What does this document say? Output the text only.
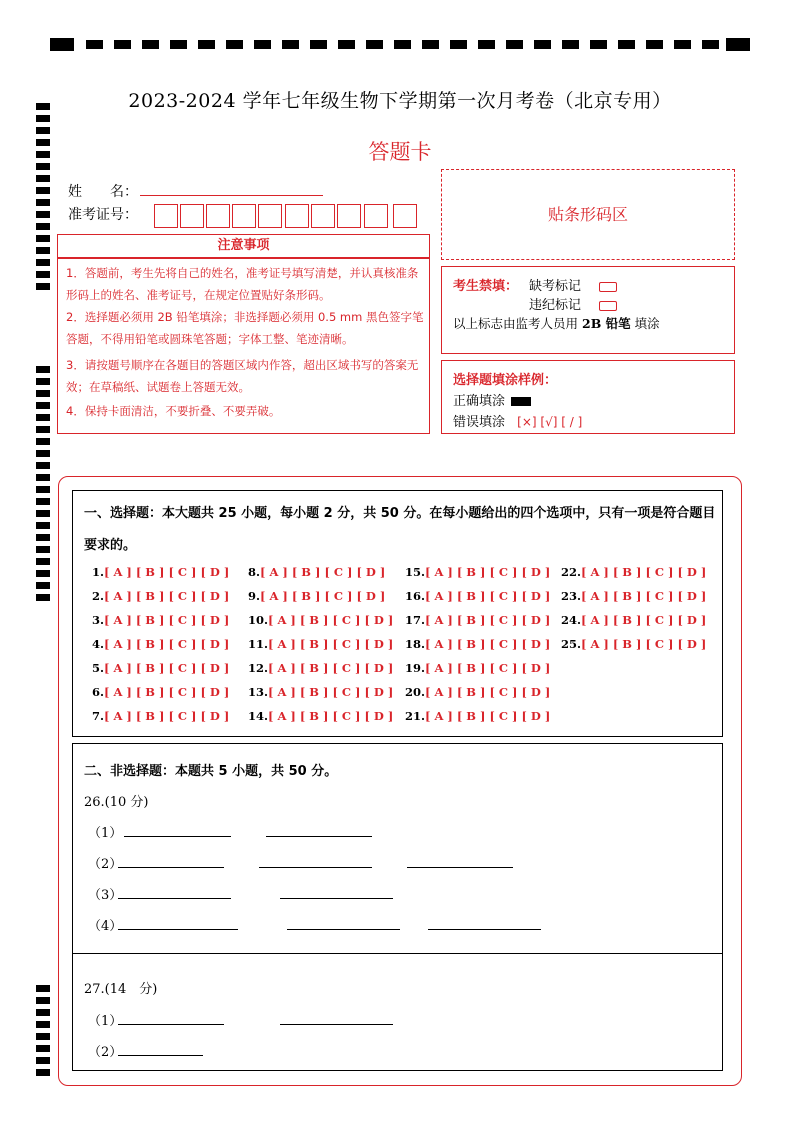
2023-2024 学年七年级生物下学期第一次月考卷（北京专用）
答题卡
姓　　名：
准考证号：	贴条形码区
注意事项
1．答题前，考生先将自己的姓名，准考证号填写清楚，并认真核准条形码上的姓名、准考证号，在规定位置贴好条形码。
2．选择题必须用 2B 铅笔填涂；非选择题必须用 0.5 mm 黑色签字笔答题，不得用铅笔或圆珠笔答题；字体工整、笔迹清晰。
3．请按题号顺序在各题目的答题区域内作答，超出区域书写的答案无效；在草稿纸、试题卷上答题无效。
4．保持卡面清洁，不要折叠、不要弄破。
考生禁填： 缺考标记
违纪标记
以上标志由监考人员用 2B 铅笔 填涂
选择题填涂样例：
正确填涂
错误填涂 [×] [√] [ / ]
一、选择题：本大题共 25 小题，每小题 2 分，共 50 分。在每小题给出的四个选项中，只有一项是符合题目要求的。
1.[ A ] [ B ] [ C ] [ D ]
2.[ A ] [ B ] [ C ] [ D ]
3.[ A ] [ B ] [ C ] [ D ]
4.[ A ] [ B ] [ C ] [ D ]
5.[ A ] [ B ] [ C ] [ D ]
6.[ A ] [ B ] [ C ] [ D ]
7.[ A ] [ B ] [ C ] [ D ]
8.[ A ] [ B ] [ C ] [ D ]
9.[ A ] [ B ] [ C ] [ D ]
10.[ A ] [ B ] [ C ] [ D ]
11.[ A ] [ B ] [ C ] [ D ]
12.[ A ] [ B ] [ C ] [ D ]
13.[ A ] [ B ] [ C ] [ D ]
14.[ A ] [ B ] [ C ] [ D ]
15.[ A ] [ B ] [ C ] [ D ]
16.[ A ] [ B ] [ C ] [ D ]
17.[ A ] [ B ] [ C ] [ D ]
18.[ A ] [ B ] [ C ] [ D ]
19.[ A ] [ B ] [ C ] [ D ]
20.[ A ] [ B ] [ C ] [ D ]
21.[ A ] [ B ] [ C ] [ D ]
22.[ A ] [ B ] [ C ] [ D ]
23.[ A ] [ B ] [ C ] [ D ]
24.[ A ] [ B ] [ C ] [ D ]
25.[ A ] [ B ] [ C ] [ D ]
二、非选择题：本题共 5 小题，共 50 分。
26.(10 分)
（1）
（2）
（3）
（4）
27.(14　分)
（1）
（2）
